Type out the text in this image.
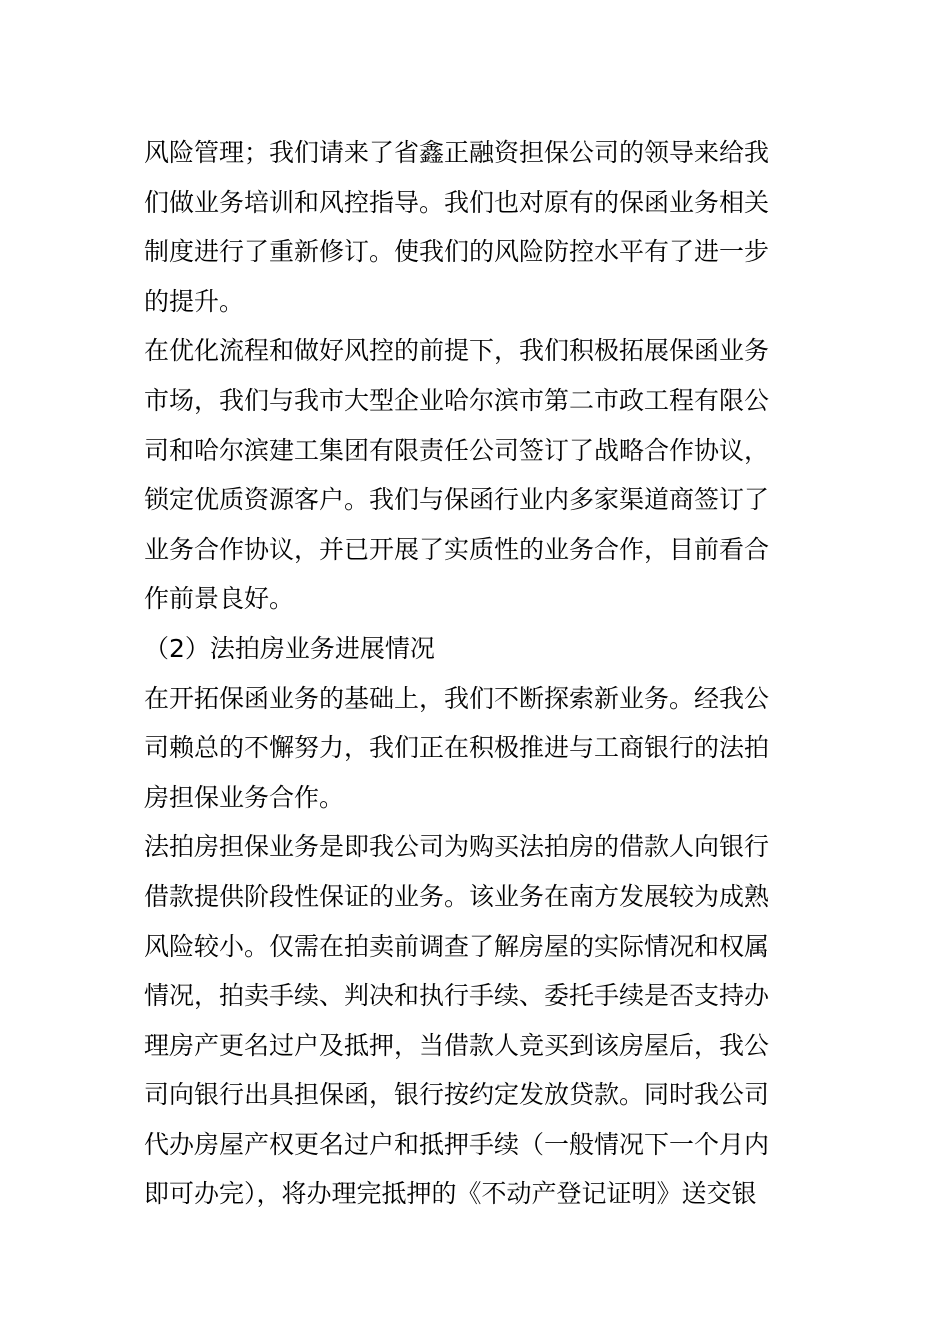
风险管理；我们请来了省鑫正融资担保公司的领导来给我
们做业务培训和风控指导。我们也对原有的保函业务相关
制度进行了重新修订。使我们的风险防控水平有了进一步
的提升。
在优化流程和做好风控的前提下，我们积极拓展保函业务
市场，我们与我市大型企业哈尔滨市第二市政工程有限公
司和哈尔滨建工集团有限责任公司签订了战略合作协议，
锁定优质资源客户。我们与保函行业内多家渠道商签订了
业务合作协议，并已开展了实质性的业务合作，目前看合
作前景良好。
（2）法拍房业务进展情况
在开拓保函业务的基础上，我们不断探索新业务。经我公
司赖总的不懈努力，我们正在积极推进与工商银行的法拍
房担保业务合作。
法拍房担保业务是即我公司为购买法拍房的借款人向银行
借款提供阶段性保证的业务。该业务在南方发展较为成熟
风险较小。仅需在拍卖前调查了解房屋的实际情况和权属
情况，拍卖手续、判决和执行手续、委托手续是否支持办
理房产更名过户及抵押，当借款人竞买到该房屋后，我公
司向银行出具担保函，银行按约定发放贷款。同时我公司
代办房屋产权更名过户和抵押手续（一般情况下一个月内
即可办完），将办理完抵押的《不动产登记证明》送交银
